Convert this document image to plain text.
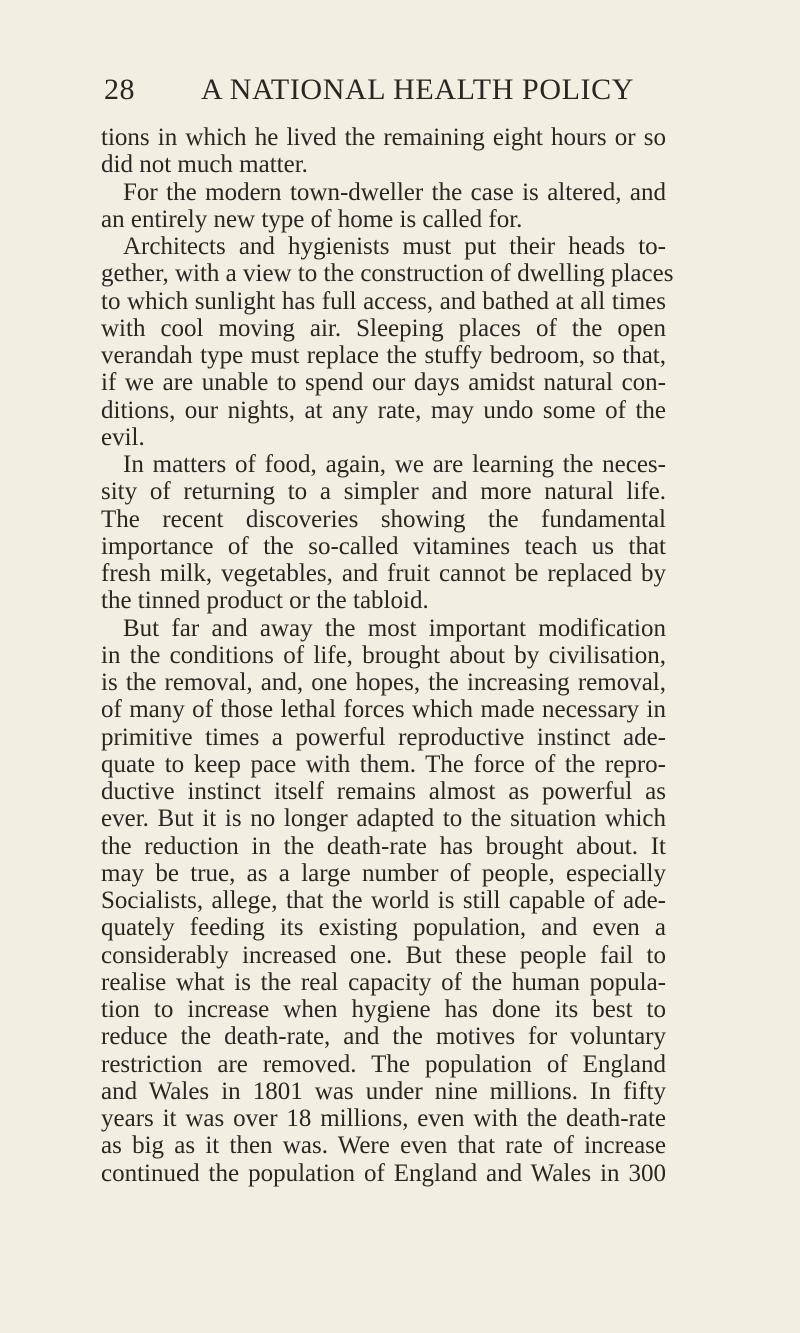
28 A NATIONAL HEALTH POLICY
tions in which he lived the remaining eight hours or so
did not much matter.
For the modern town-dweller the case is altered, and
an entirely new type of home is called for.
Architects and hygienists must put their heads to-
gether, with a view to the construction of dwelling places
to which sunlight has full access, and bathed at all times
with cool moving air. Sleeping places of the open
verandah type must replace the stuffy bedroom, so that,
if we are unable to spend our days amidst natural con-
ditions, our nights, at any rate, may undo some of the
evil.
In matters of food, again, we are learning the neces-
sity of returning to a simpler and more natural life.
The recent discoveries showing the fundamental
importance of the so-called vitamines teach us that
fresh milk, vegetables, and fruit cannot be replaced by
the tinned product or the tabloid.
But far and away the most important modification
in the conditions of life, brought about by civilisation,
is the removal, and, one hopes, the increasing removal,
of many of those lethal forces which made necessary in
primitive times a powerful reproductive instinct ade-
quate to keep pace with them. The force of the repro-
ductive instinct itself remains almost as powerful as
ever. But it is no longer adapted to the situation which
the reduction in the death-rate has brought about. It
may be true, as a large number of people, especially
Socialists, allege, that the world is still capable of ade-
quately feeding its existing population, and even a
considerably increased one. But these people fail to
realise what is the real capacity of the human popula-
tion to increase when hygiene has done its best to
reduce the death-rate, and the motives for voluntary
restriction are removed. The population of England
and Wales in 1801 was under nine millions. In fifty
years it was over 18 millions, even with the death-rate
as big as it then was. Were even that rate of increase
continued the population of England and Wales in 300
